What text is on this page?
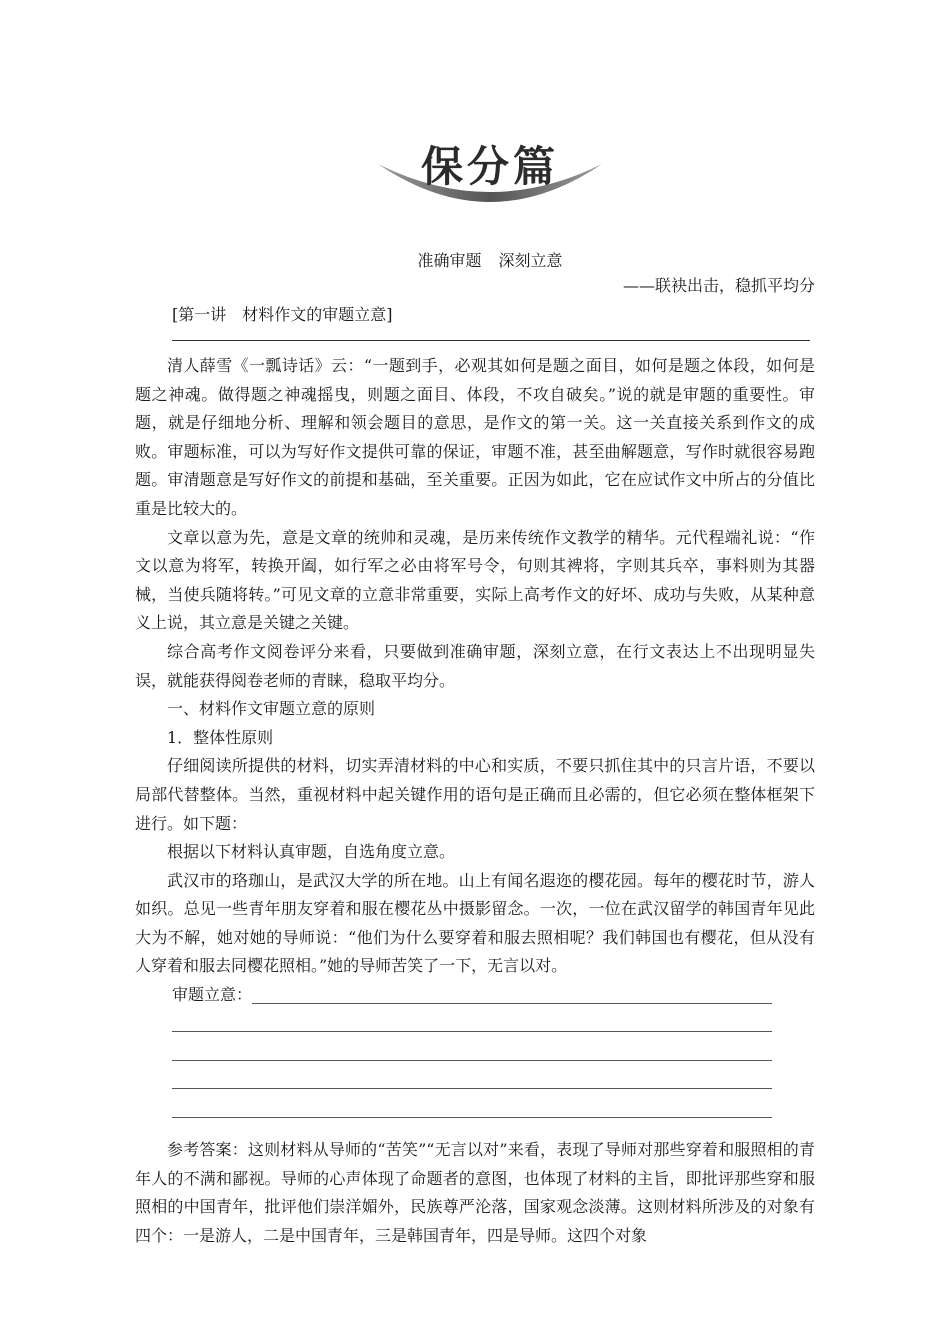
保分篇
准确审题 深刻立意
——联袂出击，稳抓平均分
[第一讲　材料作文的审题立意]

清人薛雪《一瓢诗话》云：“一题到手，必观其如何是题之面目，如何是题之体段，如何是题之神魂。做得题之神魂摇曳，则题之面目、体段，不攻自破矣。”说的就是审题的重要性。审题，就是仔细地分析、理解和领会题目的意思，是作文的第一关。这一关直接关系到作文的成败。审题标准，可以为写好作文提供可靠的保证，审题不准，甚至曲解题意，写作时就很容易跑题。审清题意是写好作文的前提和基础，至关重要。正因为如此，它在应试作文中所占的分值比重是比较大的。

文章以意为先，意是文章的统帅和灵魂，是历来传统作文教学的精华。元代程端礼说：“作文以意为将军，转换开阖，如行军之必由将军号令，句则其裨将，字则其兵卒，事料则为其器械，当使兵随将转。”可见文章的立意非常重要，实际上高考作文的好坏、成功与失败，从某种意义上说，其立意是关键之关键。

综合高考作文阅卷评分来看，只要做到准确审题，深刻立意，在行文表达上不出现明显失误，就能获得阅卷老师的青睐，稳取平均分。

一、材料作文审题立意的原则

1．整体性原则

仔细阅读所提供的材料，切实弄清材料的中心和实质，不要只抓住其中的只言片语，不要以局部代替整体。当然，重视材料中起关键作用的语句是正确而且必需的，但它必须在整体框架下进行。如下题：

根据以下材料认真审题，自选角度立意。

武汉市的珞珈山，是武汉大学的所在地。山上有闻名遐迩的樱花园。每年的樱花时节，游人如织。总见一些青年朋友穿着和服在樱花丛中摄影留念。一次，一位在武汉留学的韩国青年见此大为不解，她对她的导师说：“他们为什么要穿着和服去照相呢？我们韩国也有樱花，但从没有人穿着和服去同樱花照相。”她的导师苦笑了一下，无言以对。

审题立意：

参考答案：这则材料从导师的“苦笑”“无言以对”来看，表现了导师对那些穿着和服照相的青年人的不满和鄙视。导师的心声体现了命题者的意图，也体现了材料的主旨，即批评那些穿和服照相的中国青年，批评他们崇洋媚外，民族尊严沦落，国家观念淡薄。这则材料所涉及的对象有四个：一是游人，二是中国青年，三是韩国青年，四是导师。这四个对象
